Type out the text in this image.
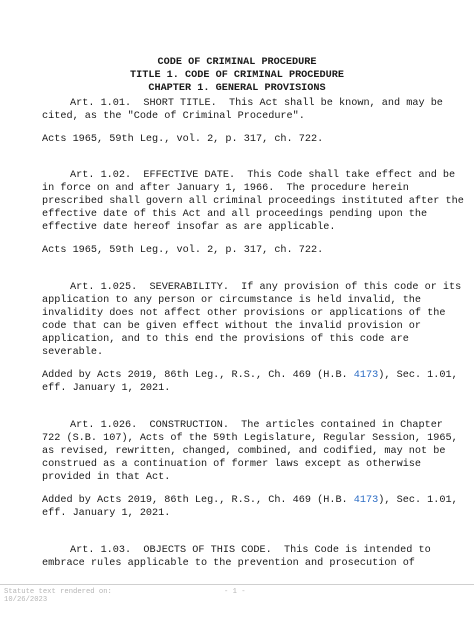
CODE OF CRIMINAL PROCEDURE
TITLE 1. CODE OF CRIMINAL PROCEDURE
CHAPTER 1. GENERAL PROVISIONS
Art. 1.01.  SHORT TITLE.  This Act shall be known, and may be
cited, as the "Code of Criminal Procedure".
Acts 1965, 59th Leg., vol. 2, p. 317, ch. 722.
Art. 1.02.  EFFECTIVE DATE.  This Code shall take effect and be
in force on and after January 1, 1966.  The procedure herein
prescribed shall govern all criminal proceedings instituted after the
effective date of this Act and all proceedings pending upon the
effective date hereof insofar as are applicable.
Acts 1965, 59th Leg., vol. 2, p. 317, ch. 722.
Art. 1.025.  SEVERABILITY.  If any provision of this code or its
application to any person or circumstance is held invalid, the
invalidity does not affect other provisions or applications of the
code that can be given effect without the invalid provision or
application, and to this end the provisions of this code are
severable.
Added by Acts 2019, 86th Leg., R.S., Ch. 469 (H.B. 4173), Sec. 1.01,
eff. January 1, 2021.
Art. 1.026.  CONSTRUCTION.  The articles contained in Chapter
722 (S.B. 107), Acts of the 59th Legislature, Regular Session, 1965,
as revised, rewritten, changed, combined, and codified, may not be
construed as a continuation of former laws except as otherwise
provided in that Act.
Added by Acts 2019, 86th Leg., R.S., Ch. 469 (H.B. 4173), Sec. 1.01,
eff. January 1, 2021.
Art. 1.03.  OBJECTS OF THIS CODE.  This Code is intended to
embrace rules applicable to the prevention and prosecution of
Statute text rendered on:
10/26/2023
- 1 -
